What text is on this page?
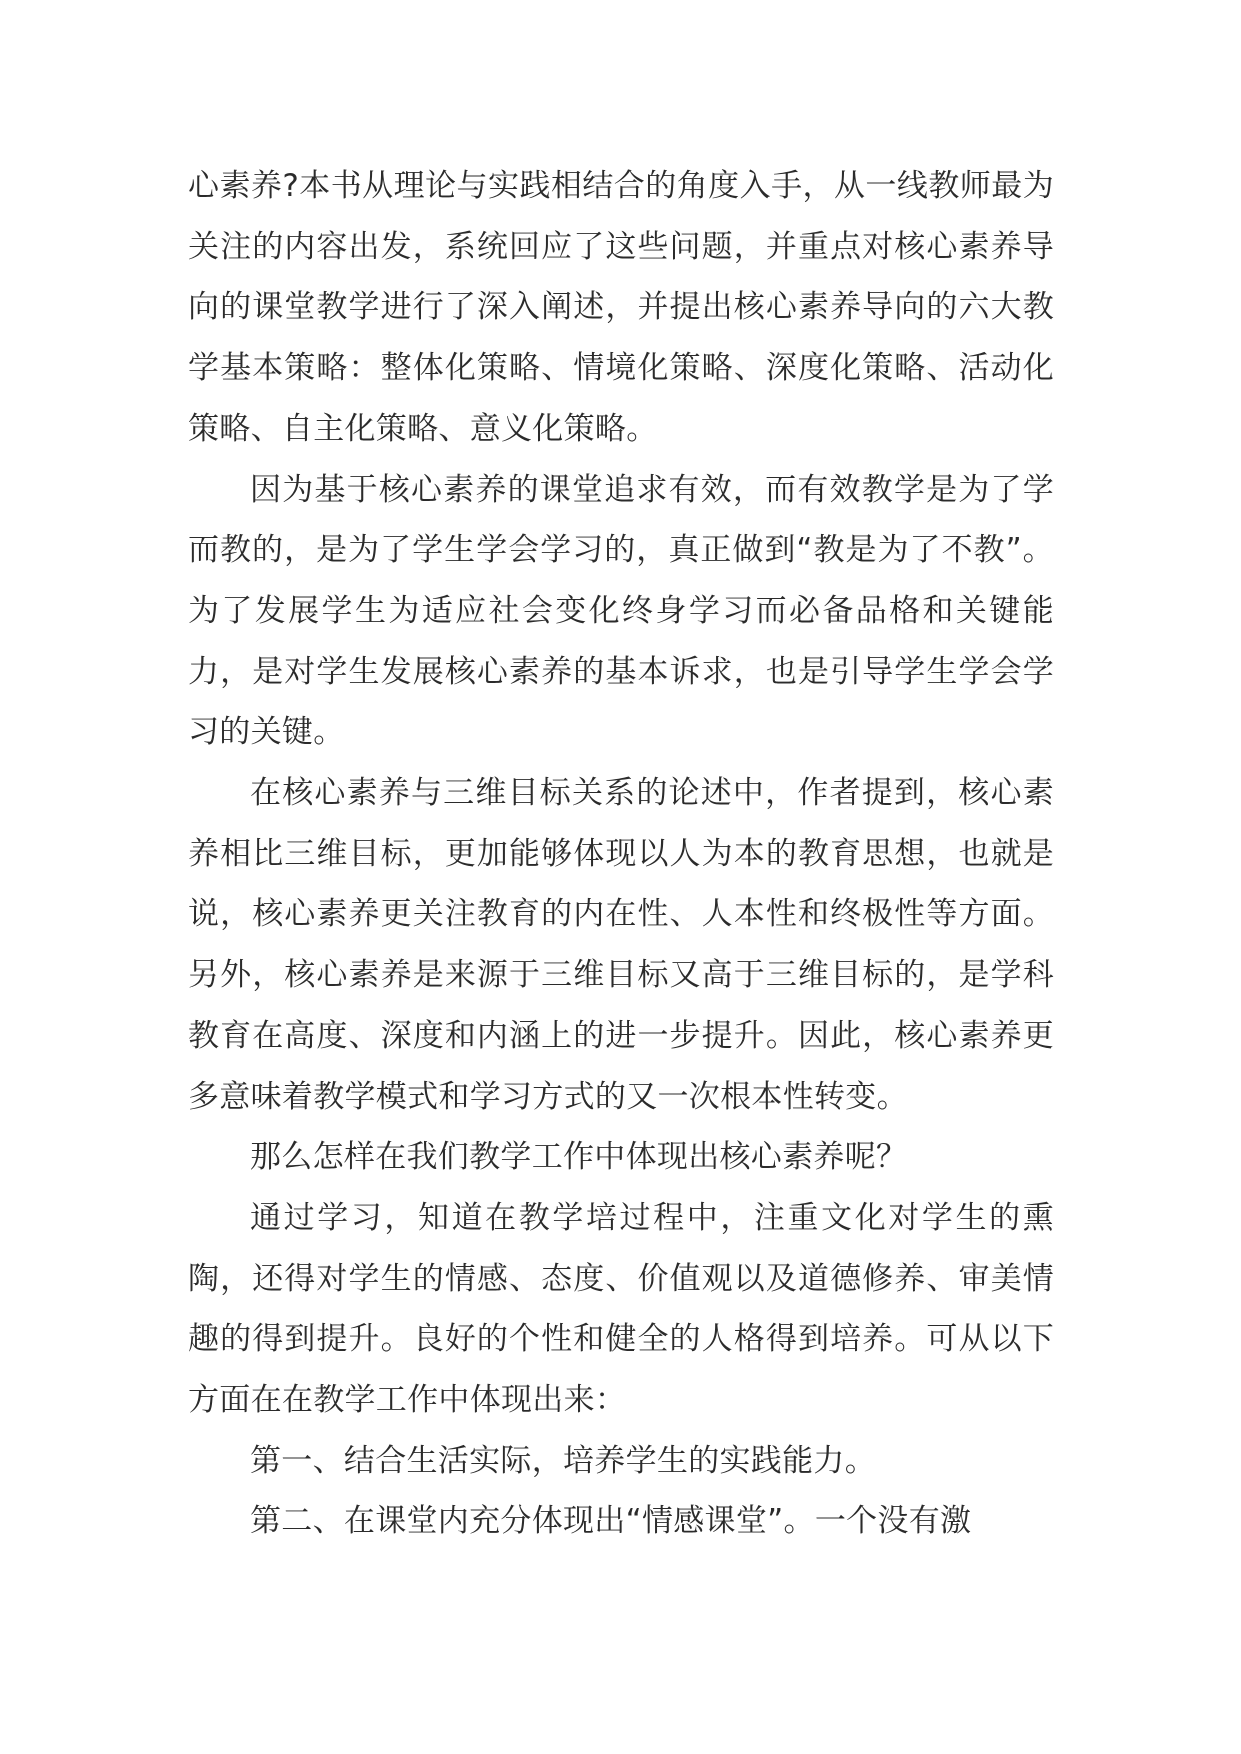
心素养?本书从理论与实践相结合的角度入手，从一线教师最为关注的内容出发，系统回应了这些问题，并重点对核心素养导向的课堂教学进行了深入阐述，并提出核心素养导向的六大教学基本策略：整体化策略、情境化策略、深度化策略、活动化策略、自主化策略、意义化策略。

因为基于核心素养的课堂追求有效，而有效教学是为了学而教的，是为了学生学会学习的，真正做到“教是为了不教”。为了发展学生为适应社会变化终身学习而必备品格和关键能力，是对学生发展核心素养的基本诉求，也是引导学生学会学习的关键。

在核心素养与三维目标关系的论述中，作者提到，核心素养相比三维目标，更加能够体现以人为本的教育思想，也就是说，核心素养更关注教育的内在性、人本性和终极性等方面。另外，核心素养是来源于三维目标又高于三维目标的，是学科教育在高度、深度和内涵上的进一步提升。因此，核心素养更多意味着教学模式和学习方式的又一次根本性转变。

那么怎样在我们教学工作中体现出核心素养呢？

通过学习，知道在教学培过程中，注重文化对学生的熏陶，还得对学生的情感、态度、价值观以及道德修养、审美情趣的得到提升。良好的个性和健全的人格得到培养。可从以下方面在在教学工作中体现出来：

第一、结合生活实际，培养学生的实践能力。

第二、在课堂内充分体现出“情感课堂”。一个没有激
